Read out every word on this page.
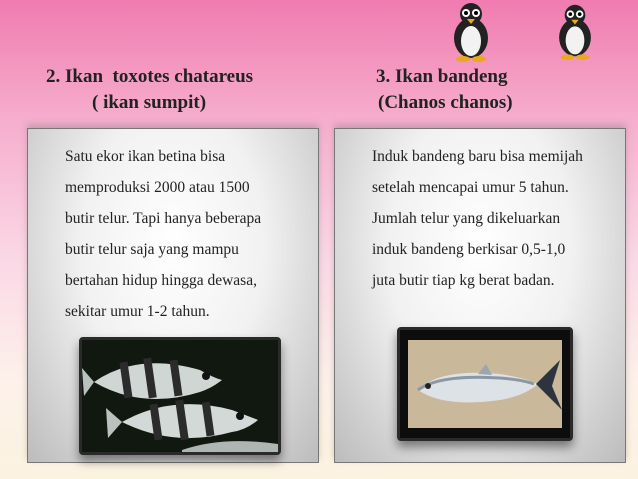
2. Ikan  toxotes chatareus
( ikan sumpit)
3. Ikan bandeng
(Chanos chanos)
Satu ekor ikan betina bisa
memproduksi 2000 atau 1500
butir telur. Tapi hanya beberapa
butir telur saja yang mampu
bertahan hidup hingga dewasa,
sekitar umur 1-2 tahun.
Induk bandeng baru bisa memijah
setelah mencapai umur 5 tahun.
Jumlah telur yang dikeluarkan
induk bandeng berkisar 0,5-1,0
juta butir tiap kg berat badan.
